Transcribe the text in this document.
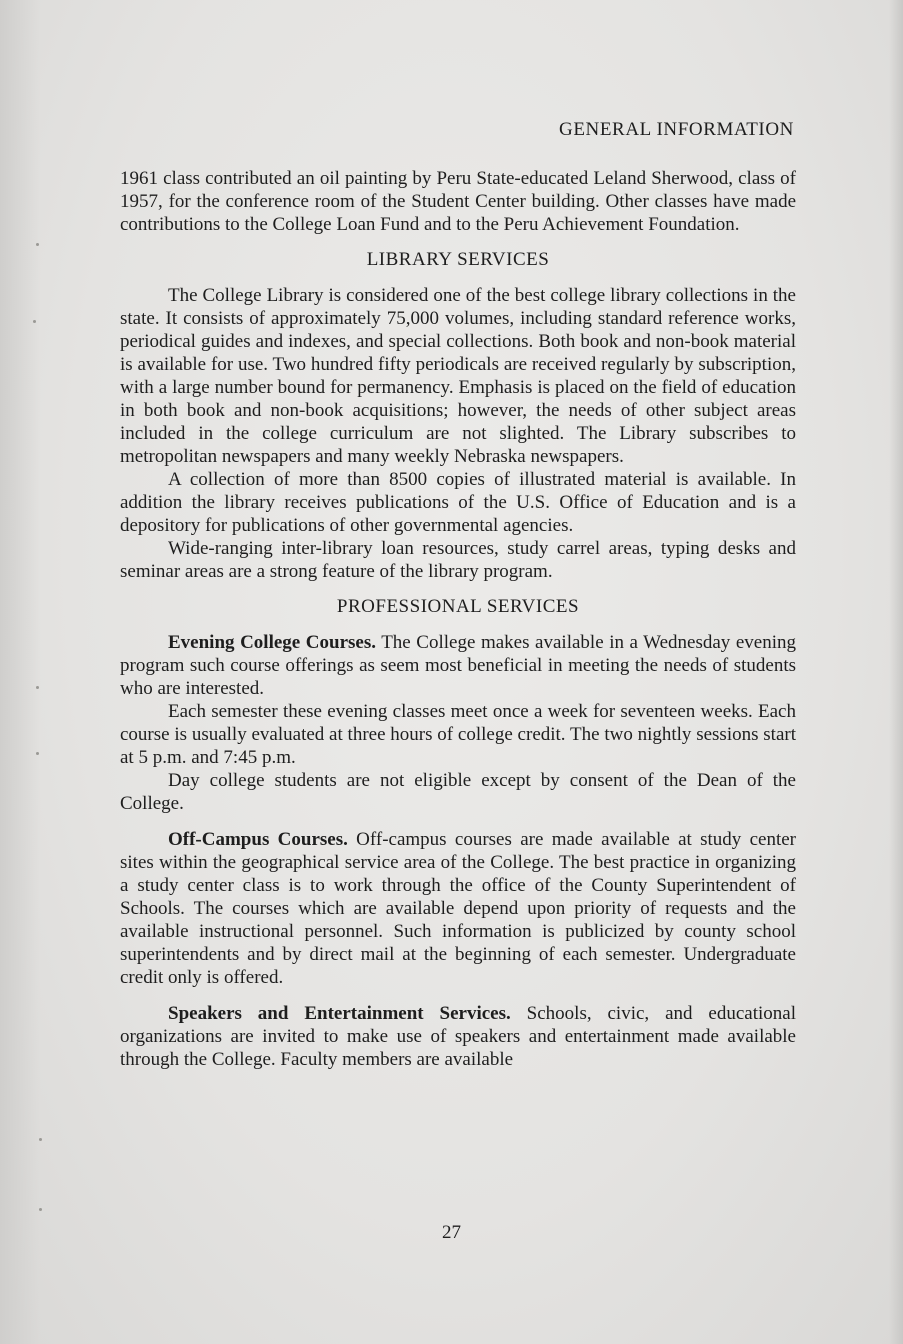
GENERAL INFORMATION

1961 class contributed an oil painting by Peru State-educated Leland Sherwood, class of 1957, for the conference room of the Student Center building. Other classes have made contributions to the College Loan Fund and to the Peru Achievement Foundation.

LIBRARY SERVICES

The College Library is considered one of the best college library collections in the state. It consists of approximately 75,000 volumes, including standard reference works, periodical guides and indexes, and special collections. Both book and non-book material is available for use. Two hundred fifty periodicals are received regularly by subscription, with a large number bound for permanency. Emphasis is placed on the field of education in both book and non-book acquisitions; however, the needs of other subject areas included in the college curriculum are not slighted. The Library subscribes to metropolitan newspapers and many weekly Nebraska newspapers.

A collection of more than 8500 copies of illustrated material is available. In addition the library receives publications of the U.S. Office of Education and is a depository for publications of other governmental agencies.

Wide-ranging inter-library loan resources, study carrel areas, typing desks and seminar areas are a strong feature of the library program.

PROFESSIONAL SERVICES

Evening College Courses. The College makes available in a Wednesday evening program such course offerings as seem most beneficial in meeting the needs of students who are interested.

Each semester these evening classes meet once a week for seventeen weeks. Each course is usually evaluated at three hours of college credit. The two nightly sessions start at 5 p.m. and 7:45 p.m.

Day college students are not eligible except by consent of the Dean of the College.

Off-Campus Courses. Off-campus courses are made available at study center sites within the geographical service area of the College. The best practice in organizing a study center class is to work through the office of the County Superintendent of Schools. The courses which are available depend upon priority of requests and the available instructional personnel. Such information is publicized by county school superintendents and by direct mail at the beginning of each semester. Undergraduate credit only is offered.

Speakers and Entertainment Services. Schools, civic, and educational organizations are invited to make use of speakers and entertainment made available through the College. Faculty members are available

27
